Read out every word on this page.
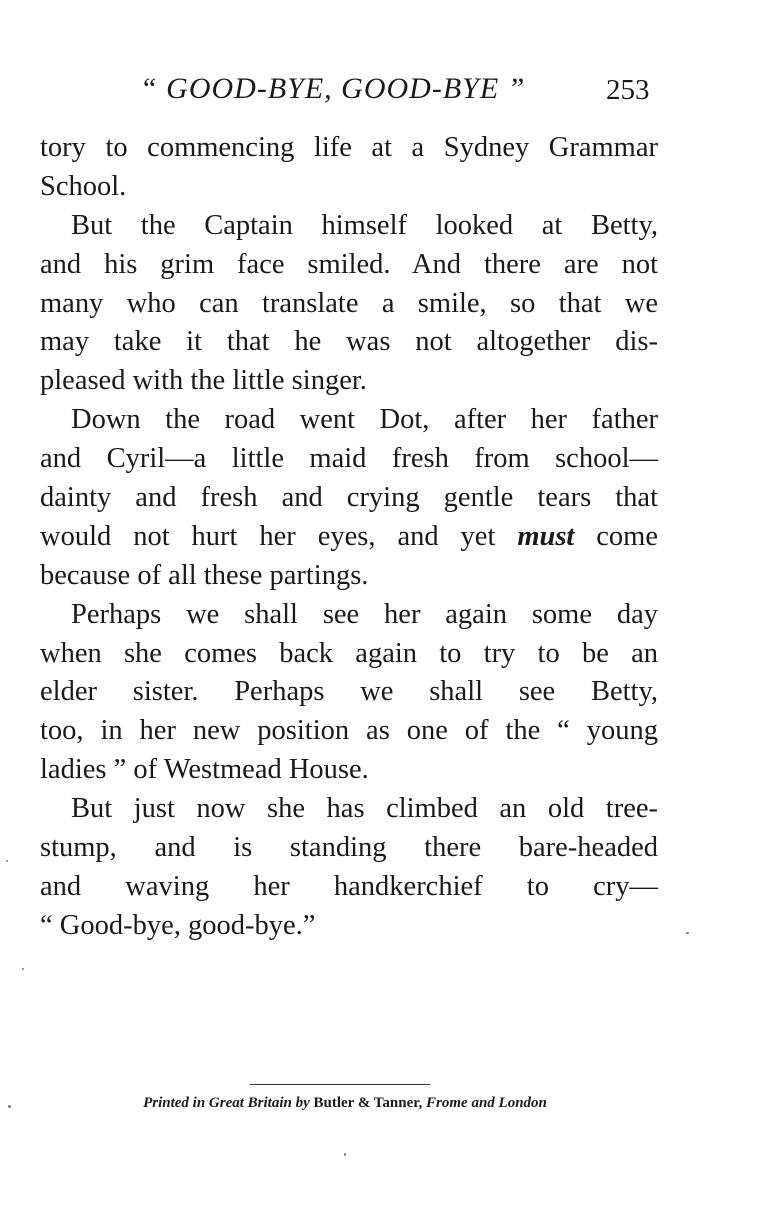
“ GOOD-BYE, GOOD-BYE ”	253
tory to commencing life at a Sydney Grammar
School.
But the Captain himself looked at Betty,
and his grim face smiled. And there are not
many who can translate a smile, so that we
may take it that he was not altogether dis-
pleased with the little singer.
Down the road went Dot, after her father
and Cyril—a little maid fresh from school—
dainty and fresh and crying gentle tears that
would not hurt her eyes, and yet must come
because of all these partings.
Perhaps we shall see her again some day
when she comes back again to try to be an
elder sister. Perhaps we shall see Betty,
too, in her new position as one of the “ young
ladies ” of Westmead House.
But just now she has climbed an old tree-
stump, and is standing there bare-headed
and waving her handkerchief to cry—
“ Good-bye, good-bye.”
Printed in Great Britain by Butler & Tanner, Frome and London
